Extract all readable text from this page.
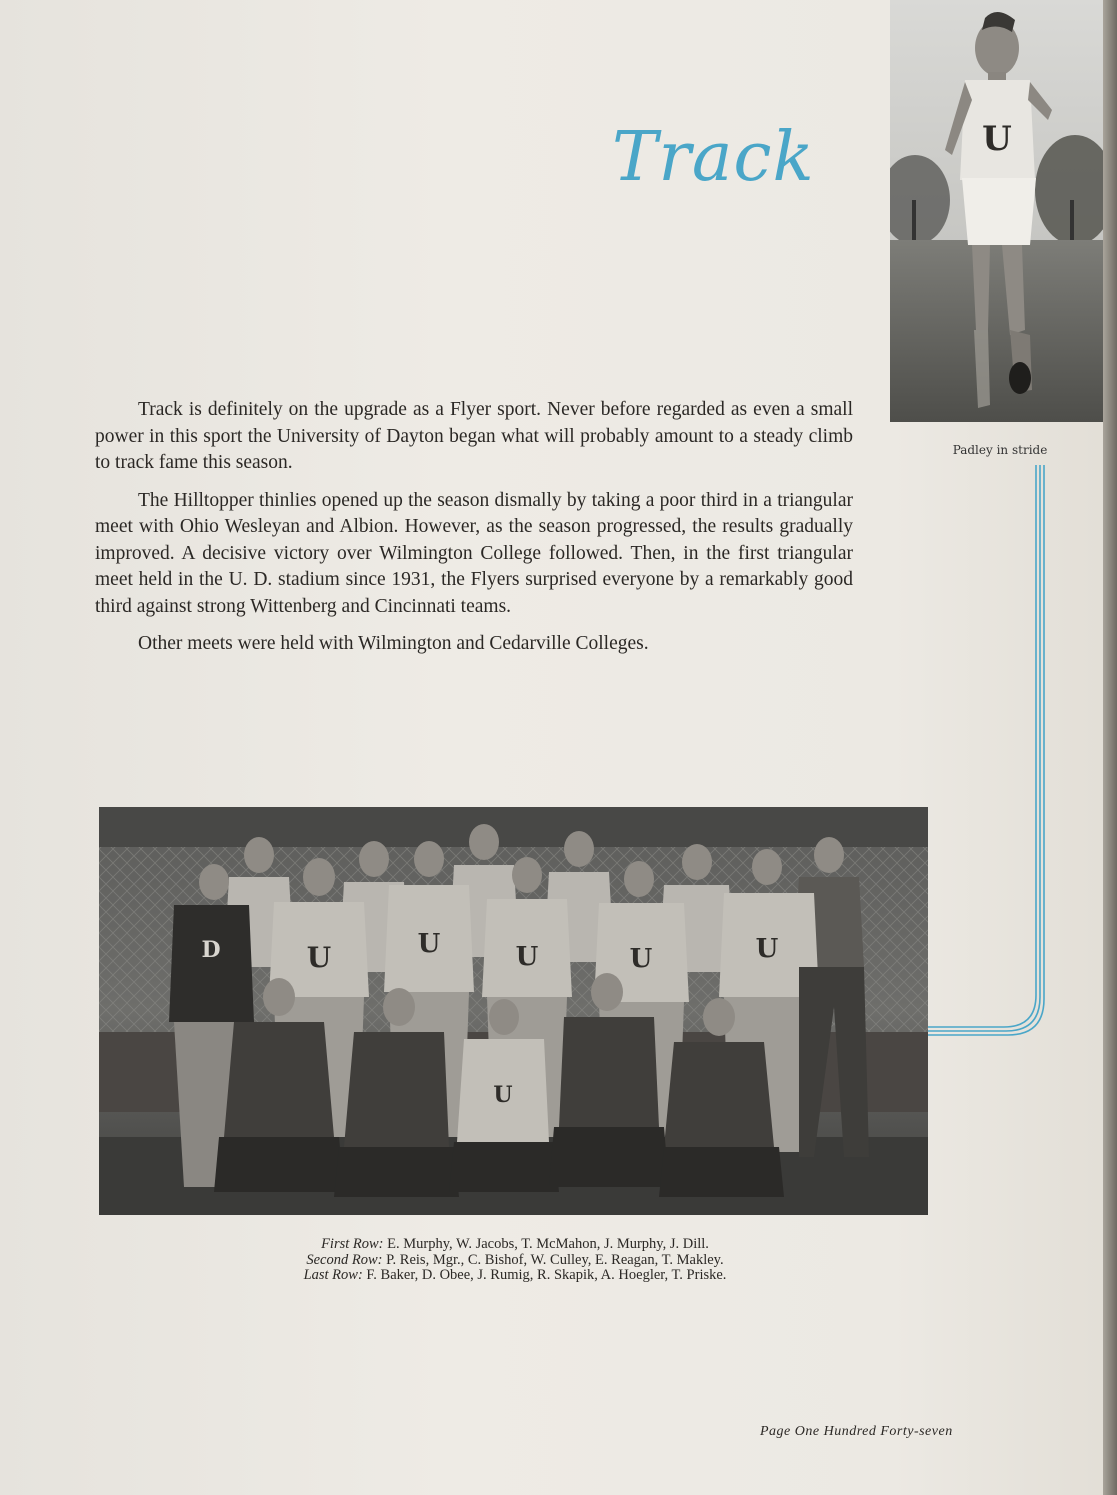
Track	U
Padley in stride

Track is definitely on the upgrade as a Flyer sport. Never before regarded as even a small power in this sport the University of Dayton began what will probably amount to a steady climb to track fame this season.

The Hilltopper thinlies opened up the season dismally by taking a poor third in a triangular meet with Ohio Wesleyan and Albion. However, as the season progressed, the results gradually improved. A decisive victory over Wilmington College followed. Then, in the first triangular meet held in the U. D. stadium since 1931, the Flyers surprised everyone by a remarkably good third against strong Wittenberg and Cincinnati teams.

Other meets were held with Wilmington and Cedarville Colleges.

D	U	U	U	U	U
U
First Row: E. Murphy, W. Jacobs, T. McMahon, J. Murphy, J. Dill.
Second Row: P. Reis, Mgr., C. Bishof, W. Culley, E. Reagan, T. Makley.
Last Row: F. Baker, D. Obee, J. Rumig, R. Skapik, A. Hoegler, T. Priske.
Page One Hundred Forty-seven
